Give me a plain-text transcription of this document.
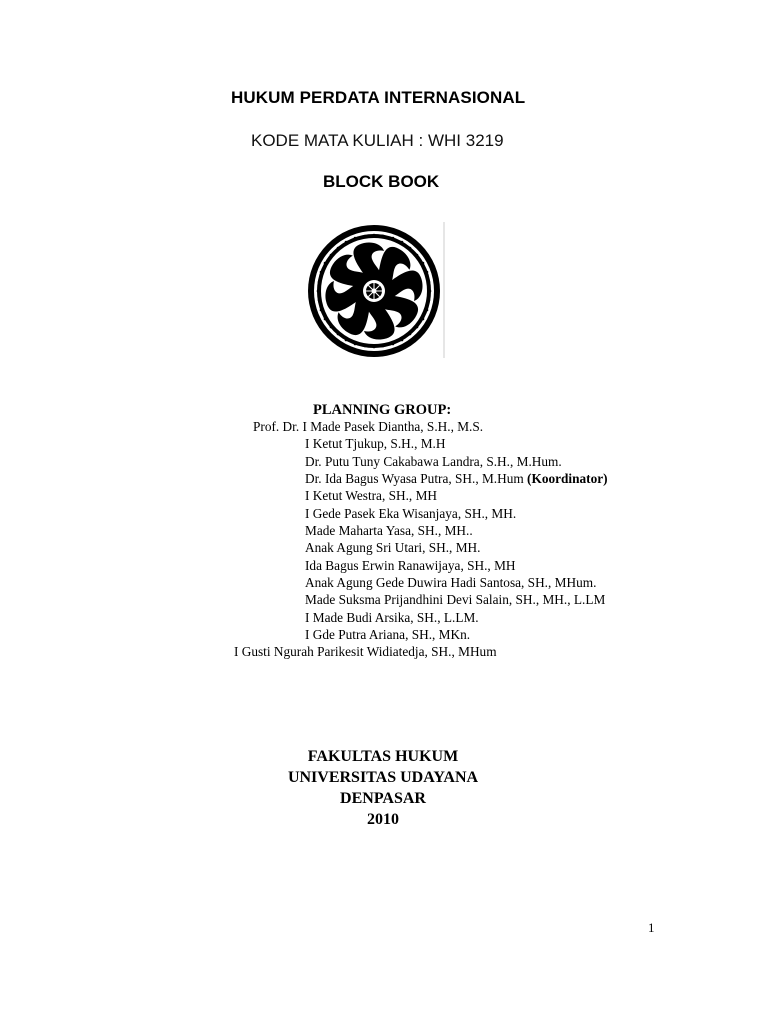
HUKUM PERDATA INTERNASIONAL
KODE MATA KULIAH : WHI 3219
BLOCK BOOK
PLANNING GROUP:
Prof. Dr. I Made Pasek Diantha, S.H., M.S.
I Ketut Tjukup, S.H., M.H
Dr. Putu Tuny Cakabawa Landra, S.H., M.Hum.
Dr. Ida Bagus Wyasa Putra, SH., M.Hum (Koordinator)
I Ketut Westra, SH., MH
I Gede Pasek Eka Wisanjaya, SH., MH.
Made Maharta Yasa, SH., MH..
Anak Agung Sri Utari, SH., MH.
Ida Bagus Erwin Ranawijaya, SH., MH
Anak Agung Gede Duwira Hadi Santosa, SH., MHum.
Made Suksma Prijandhini Devi Salain, SH., MH., L.LM
I Made Budi Arsika, SH., L.LM.
I Gde Putra Ariana, SH., MKn.
I Gusti Ngurah Parikesit Widiatedja, SH., MHum
FAKULTAS HUKUM
UNIVERSITAS UDAYANA
DENPASAR
2010
1
